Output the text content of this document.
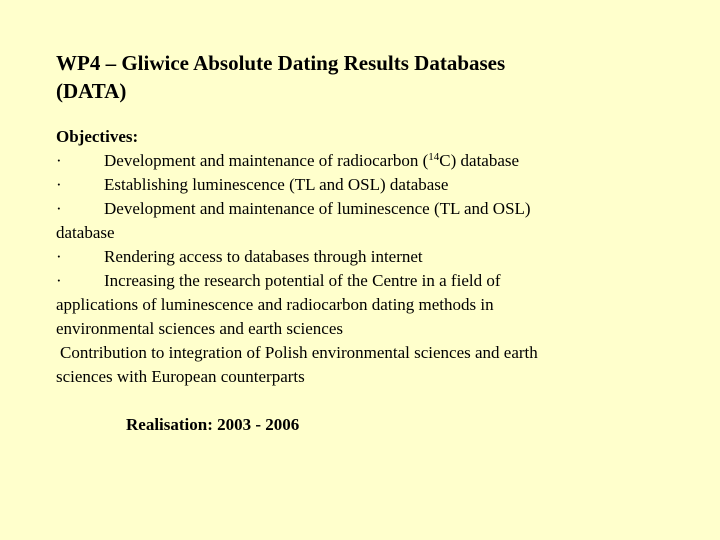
WP4 – Gliwice Absolute Dating Results Databases
(DATA)
Objectives:
· Development and maintenance of radiocarbon ($^{14}$C) database
· Establishing luminescence (TL and OSL) database
· Development and maintenance of luminescence (TL and OSL)
database
· Rendering access to databases through internet
· Increasing the research potential of the Centre in a field of
applications of luminescence and radiocarbon dating methods in
environmental sciences and earth sciences
Contribution to integration of Polish environmental sciences and earth
sciences with European counterparts
Realisation: 2003 - 2006
